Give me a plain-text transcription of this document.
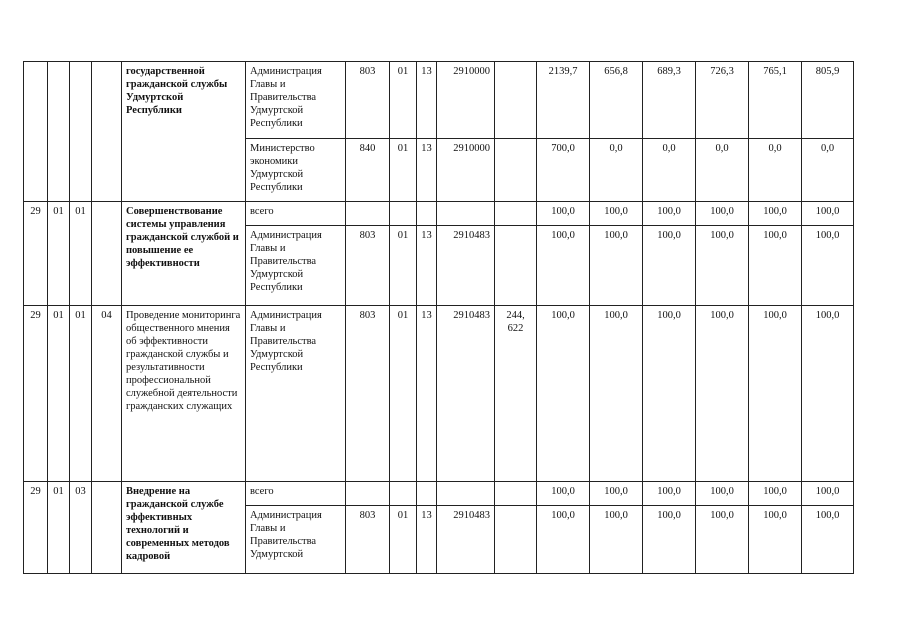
				государственной гражданской службы Удмуртской Республики	Администрация Главы и Правительства Удмуртской Республики	803	01	13	2910000		2139,7	656,8	689,3	726,3	765,1	805,9
					Министерство экономики Удмуртской Республики	840	01	13	2910000		700,0	0,0	0,0	0,0	0,0	0,0
29	01	01		Совершенствование системы управления гражданской службой и повышение ее эффективности	всего						100,0	100,0	100,0	100,0	100,0	100,0
					Администрация Главы и Правительства Удмуртской Республики	803	01	13	2910483		100,0	100,0	100,0	100,0	100,0	100,0
29	01	01	04	Проведение мониторинга общественного мнения об эффективности гражданской службы и результативности профессиональной служебной деятельности гражданских служащих	Администрация Главы и Правительства Удмуртской Республики	803	01	13	2910483	244, 622	100,0	100,0	100,0	100,0	100,0	100,0
29	01	03		Внедрение на гражданской службе эффективных технологий и современных методов кадровой	всего						100,0	100,0	100,0	100,0	100,0	100,0
					Администрация Главы и Правительства Удмуртской	803	01	13	2910483		100,0	100,0	100,0	100,0	100,0	100,0
